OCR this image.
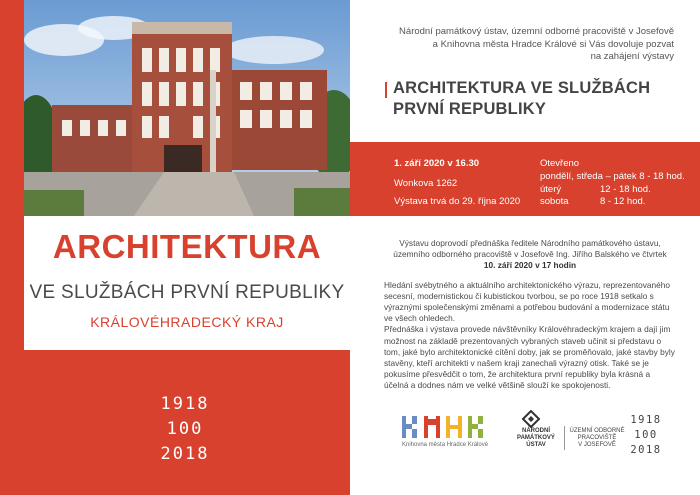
ARCHITEKTURA
VE SLUŽBÁCH PRVNÍ REPUBLIKY
KRÁLOVÉHRADECKÝ KRAJ
1918
100
2018
Národní památkový ústav, územní odborné pracoviště v Josefově
a Knihovna města Hradce Králové si Vás dovoluje pozvat
na zahájení výstavy
ARCHITEKTURA VE SLUŽBÁCH
PRVNÍ REPUBLIKY
1. září 2020 v 16.30
Wonkova 1262
Výstava trvá do 29. října 2020
Otevřeno
pondělí, středa – pátek 8 - 18 hod.
úterý	12 - 18 hod.
sobota	8 - 12 hod.

Výstavu doprovodí přednáška ředitele Národního památkového ústavu,
územního odborného pracoviště v Josefově Ing. Jiřího Balského ve čtvrtek
10. září 2020 v 17 hodin

Hledání svébytného a aktuálního architektonického výrazu, reprezentovaného secesní, modernistickou či kubistickou tvorbou, se po roce 1918 setkalo s výraznými společenskými změnami a potřebou budování a modernizace státu ve všech ohledech.

Přednáška i výstava provede návštěvníky Královéhradeckým krajem a dají jim možnost na základě prezentovaných vybraných staveb učinit si představu o tom, jaké bylo architektonické cítění doby, jak se proměňovalo, jaké stavby byly stavěny, kteří architekti v našem kraji zanechali výrazný otisk. Také se je pokusíme přesvědčit o tom, že architektura první republiky byla krásná a účelná a dodnes nám ve velké většině slouží ke spokojenosti.

Knihovna města Hradce Králové
NÁRODNÍ
PAMÁTKOVÝ
ÚSTAV
ÚZEMNÍ ODBORNÉ
PRACOVIŠTĚ
V JOSEFOVĚ
1918
100
2018
